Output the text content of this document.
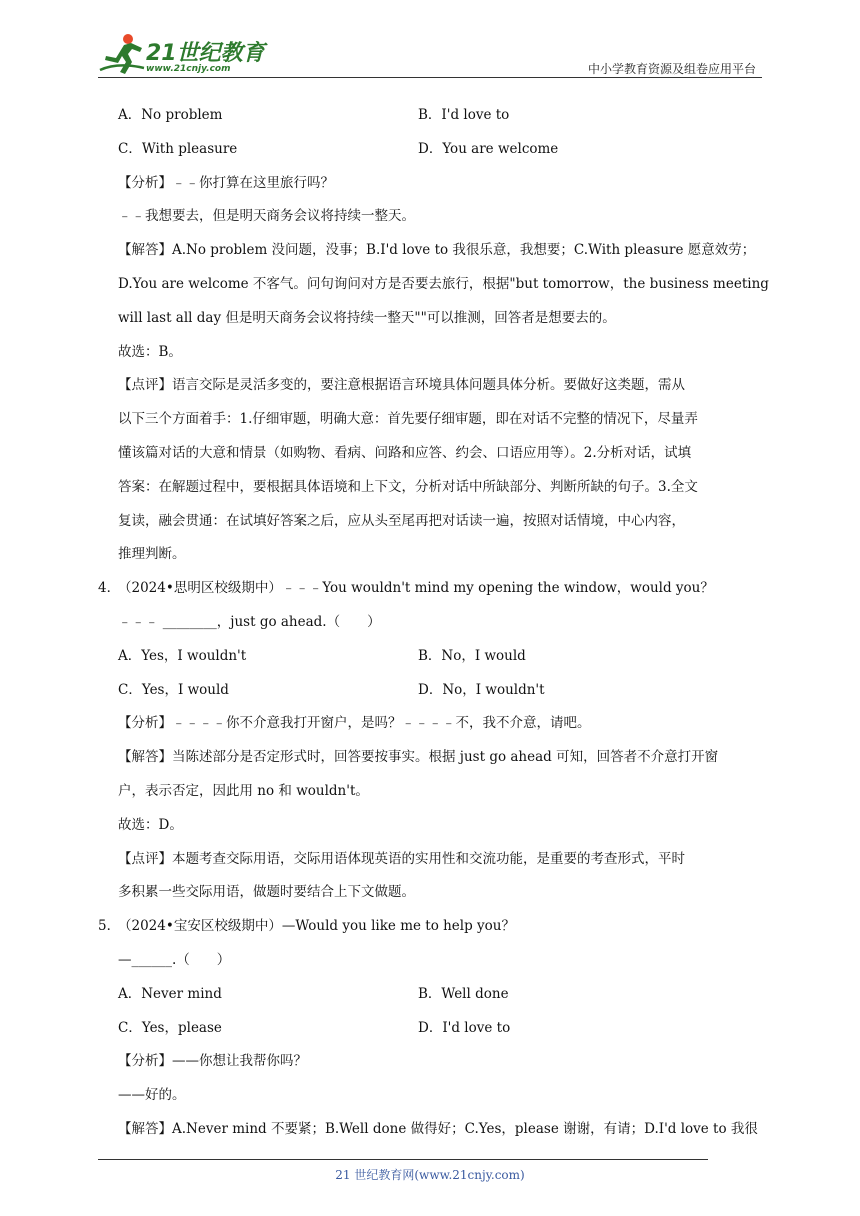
21世纪教育
www.21cnjy.com	中小学教育资源及组卷应用平台
A．No problem	B．I'd love to
C．With pleasure	D．You are welcome
【分析】﹣﹣你打算在这里旅行吗？
﹣﹣我想要去，但是明天商务会议将持续一整天。
【解答】A.No problem 没问题，没事；B.I'd love to 我很乐意，我想要；C.With pleasure 愿意效劳；
D.You are welcome 不客气。问句询问对方是否要去旅行，根据"but tomorrow，the business meeting
will last all day 但是明天商务会议将持续一整天""可以推测，回答者是想要去的。
故选：B。
【点评】语言交际是灵活多变的，要注意根据语言环境具体问题具体分析。要做好这类题，需从
以下三个方面着手：1.仔细审题，明确大意：首先要仔细审题，即在对话不完整的情况下，尽量弄
懂该篇对话的大意和情景（如购物、看病、问路和应答、约会、口语应用等）。2.分析对话，试填
答案：在解题过程中，要根据具体语境和上下文，分析对话中所缺部分、判断所缺的句子。3.全文
复读，融会贯通：在试填好答案之后，应从头至尾再把对话读一遍，按照对话情境，中心内容，
推理判断。
4．
（2024•思明区校级期中）﹣﹣﹣You wouldn't mind my opening the window，would you？
﹣﹣﹣ ________，just go ahead.（　　）
A．Yes，I wouldn't	B．No，I would
C．Yes，I would	D．No，I wouldn't
【分析】﹣﹣﹣﹣你不介意我打开窗户，是吗？﹣﹣﹣﹣不，我不介意，请吧。
【解答】当陈述部分是否定形式时，回答要按事实。根据 just go ahead 可知，回答者不介意打开窗
户，表示否定，因此用 no 和 wouldn't。
故选：D。
【点评】本题考查交际用语，交际用语体现英语的实用性和交流功能，是重要的考查形式，平时
多积累一些交际用语，做题时要结合上下文做题。
5．
（2024•宝安区校级期中）—Would you like me to help you？
—______.（　　）
A．Never mind	B．Well done
C．Yes，please	D．I'd love to
【分析】——你想让我帮你吗？
——好的。
【解答】A.Never mind 不要紧；B.Well done 做得好；C.Yes，please 谢谢，有请；D.I'd love to 我很
21 世纪教育网(www.21cnjy.com)
